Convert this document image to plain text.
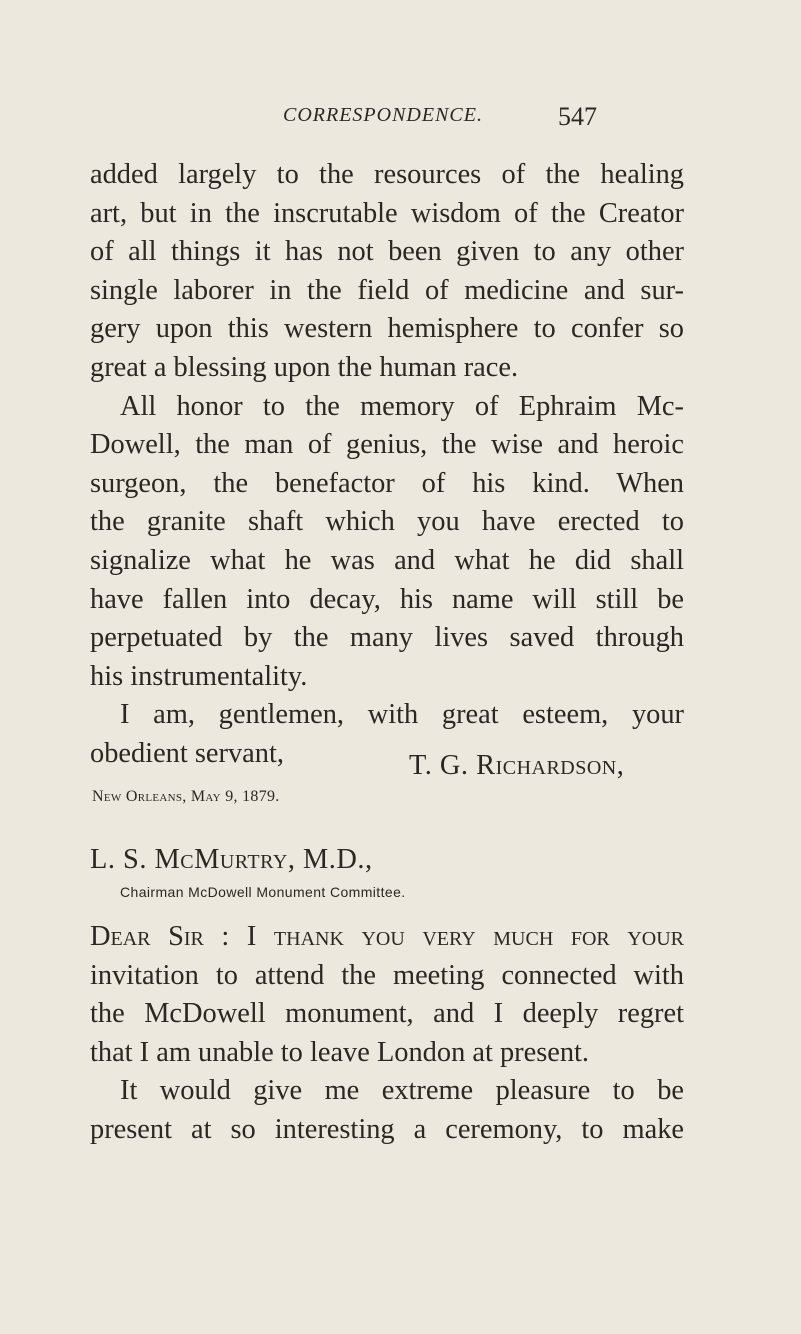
CORRESPONDENCE.	547
added largely to the resources of the healing
art, but in the inscrutable wisdom of the Creator
of all things it has not been given to any other
single laborer in the field of medicine and sur-
gery upon this western hemisphere to confer so
great a blessing upon the human race.
All honor to the memory of Ephraim Mc-
Dowell, the man of genius, the wise and heroic
surgeon, the benefactor of his kind. When
the granite shaft which you have erected to
signalize what he was and what he did shall
have fallen into decay, his name will still be
perpetuated by the many lives saved through
his instrumentality.
I am, gentlemen, with great esteem, your
obedient servant,	T. G. Richardson,
New Orleans, May 9, 1879.
L. S. McMurtry, M.D.,
Chairman McDowell Monument Committee.
Dear Sir : I thank you very much for your
invitation to attend the meeting connected with
the McDowell monument, and I deeply regret
that I am unable to leave London at present.
It would give me extreme pleasure to be
present at so interesting a ceremony, to make
